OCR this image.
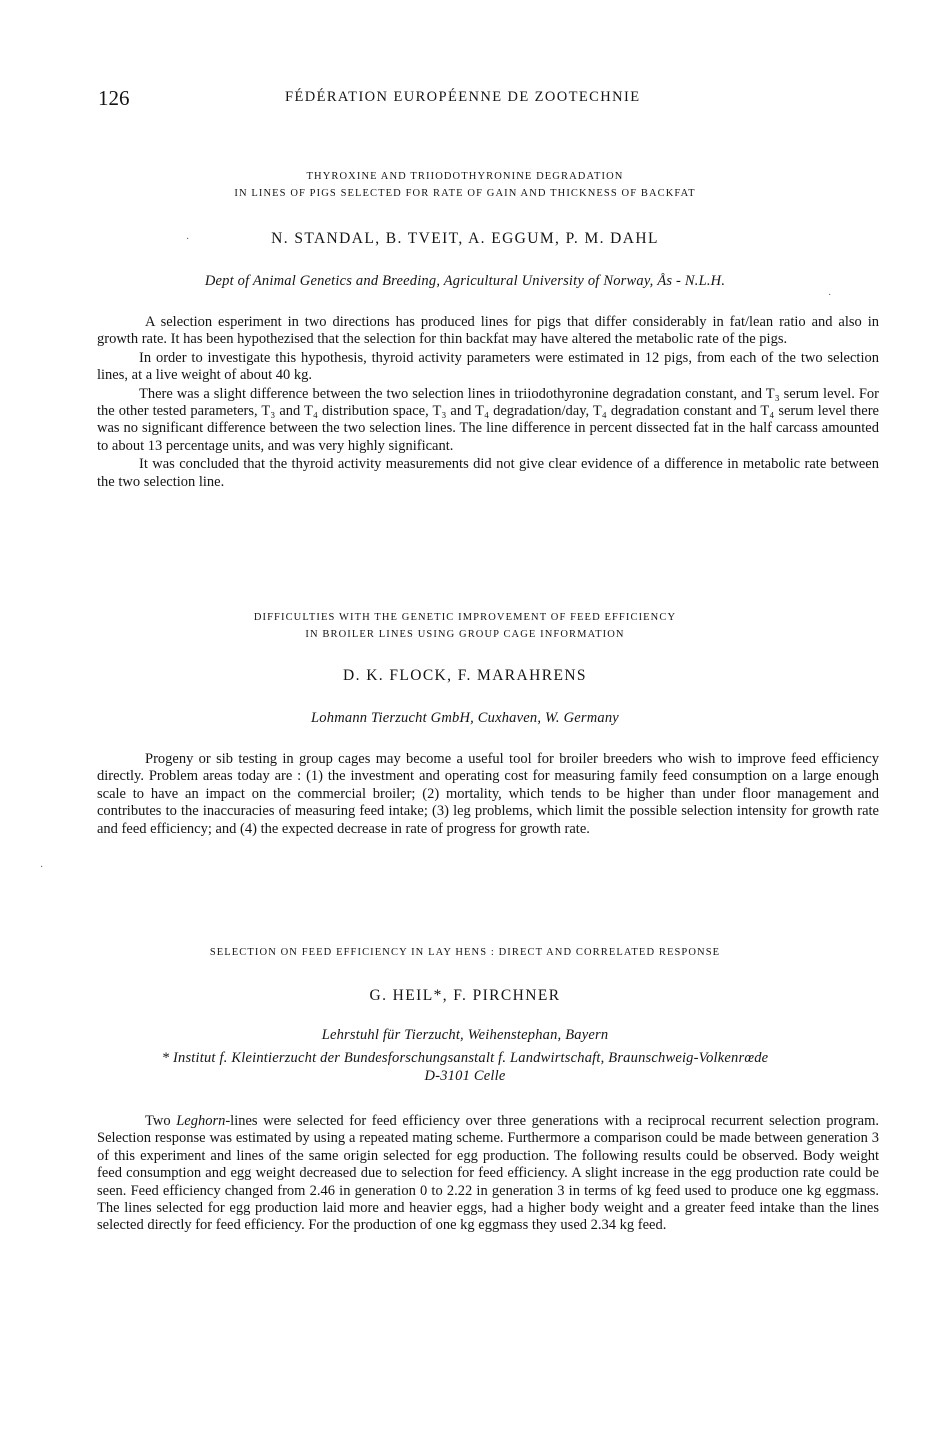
126	FÉDÉRATION EUROPÉENNE DE ZOOTECHNIE
THYROXINE AND TRIIODOTHYRONINE DEGRADATION
IN LINES OF PIGS SELECTED FOR RATE OF GAIN AND THICKNESS OF BACKFAT
N. STANDAL, B. TVEIT, A. EGGUM, P. M. DAHL
Dept of Animal Genetics and Breeding, Agricultural University of Norway, Ås - N.L.H.

A selection esperiment in two directions has produced lines for pigs that differ considerably in fat/lean ratio and also in growth rate. It has been hypothezised that the selection for thin backfat may have altered the metabolic rate of the pigs.

In order to investigate this hypothesis, thyroid activity parameters were estimated in 12 pigs, from each of the two selection lines, at a live weight of about 40 kg.

There was a slight difference between the two selection lines in triiodothyronine degradation constant, and T₃ serum level. For the other tested parameters, T₃ and T₄ distribution space, T₃ and T₄ degradation/day, T₄ degradation constant and T₄ serum level there was no significant difference between the two selection lines. The line difference in percent dissected fat in the half carcass amounted to about 13 percentage units, and was very highly significant.

It was concluded that the thyroid activity measurements did not give clear evidence of a difference in metabolic rate between the two selection line.

DIFFICULTIES WITH THE GENETIC IMPROVEMENT OF FEED EFFICIENCY
IN BROILER LINES USING GROUP CAGE INFORMATION
D. K. FLOCK, F. MARAHRENS
Lohmann Tierzucht GmbH, Cuxhaven, W. Germany

Progeny or sib testing in group cages may become a useful tool for broiler breeders who wish to improve feed efficiency directly. Problem areas today are : (1) the investment and operating cost for measuring family feed consumption on a large enough scale to have an impact on the commercial broiler; (2) mortality, which tends to be higher than under floor management and contributes to the inaccuracies of measuring feed intake; (3) leg problems, which limit the possible selection intensity for growth rate and feed efficiency; and (4) the expected decrease in rate of progress for growth rate.

SELECTION ON FEED EFFICIENCY IN LAY HENS : DIRECT AND CORRELATED RESPONSE
G. HEIL*, F. PIRCHNER
Lehrstuhl für Tierzucht, Weihenstephan, Bayern
* Institut f. Kleintierzucht der Bundesforschungsanstalt f. Landwirtschaft, Braunschweig-Volkenrœde
D-3101 Celle

Two Leghorn-lines were selected for feed efficiency over three generations with a reciprocal recurrent selection program. Selection response was estimated by using a repeated mating scheme. Furthermore a comparison could be made between generation 3 of this experiment and lines of the same origin selected for egg production. The following results could be observed. Body weight feed consumption and egg weight decreased due to selection for feed efficiency. A slight increase in the egg production rate could be seen. Feed efficiency changed from 2.46 in generation 0 to 2.22 in generation 3 in terms of kg feed used to produce one kg eggmass. The lines selected for egg production laid more and heavier eggs, had a higher body weight and a greater feed intake than the lines selected directly for feed efficiency. For the production of one kg eggmass they used 2.34 kg feed.

·
·
·
